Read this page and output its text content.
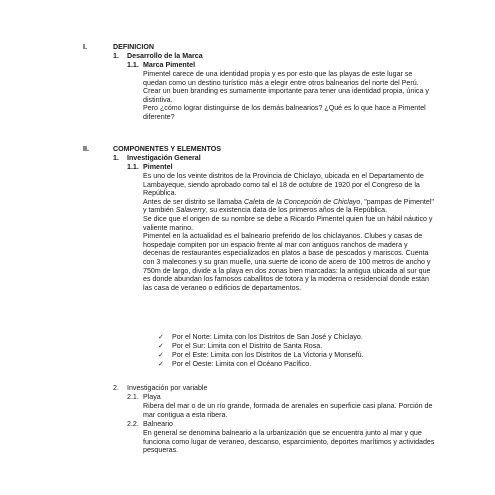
I.	DEFINICION
1. Desarrollo de la Marca
1.1. Marca Pimentel

Pimentel carece de una identidad propia y es por esto que las playas de este lugar se quedan como un destino turístico más a elegir entre otros balnearios del norte del Perú.

Crear un buen branding es sumamente importante para tener una identidad propia, única y distintiva.

Pero ¿cómo lograr distinguirse de los demás balnearios? ¿Qué es lo que hace a Pimentel diferente?

II.	COMPONENTES Y ELEMENTOS
1. Investigación General
1.1. Pimentel

Es uno de los veinte distritos de la Provincia de Chiclayo, ubicada en el Departamento de Lambayeque, siendo aprobado como tal el 18 de octubre de 1920 por el Congreso de la República.

Antes de ser distrito se llamaba Caleta de la Concepción de Chiclayo, "pampas de Pimentel" y también Salaverry, su existencia data de los primeros años de la República.

Se dice que el origen de su nombre se debe a Ricardo Pimentel quien fue un hábil náutico y valiente marino.

Pimentel en la actualidad es el balneario preferido de los chiclayanos. Clubes y casas de hospedaje compiten por un espacio frente al mar con antiguos ranchos de madera y decenas de restaurantes especializados en platos a base de pescados y mariscos. Cuenta con 3 malecones y su gran muelle, una suerte de icono de acero de 100 metros de ancho y 750m de largo, divide a la playa en dos zonas bien marcadas: la antigua ubicada al sur que es donde abundan los famosos caballitos de totora y la moderna o residencial donde están las casa de veraneo o edificios de departamentos.

✓ Por el Norte: Limita con los Distritos de San José y Chiclayo.
✓ Por el Sur: Limita con el Distrito de Santa Rosa.
✓ Por el Este: Limita con los Distritos de La Victoria y Monsefú.
✓ Por el Oeste: Limita con el Océano Pacífico.
2. Investigación por variable
2.1. Playa
Ribera del mar o de un río grande, formada de arenales en superficie casi plana. Porción de mar contigua a esta ribera.
2.2. Balneario
En general se denomina balneario a la urbanización que se encuentra junto al mar y que funciona como lugar de veraneo, descanso, esparcimiento, deportes marítimos y actividades pesqueras.
